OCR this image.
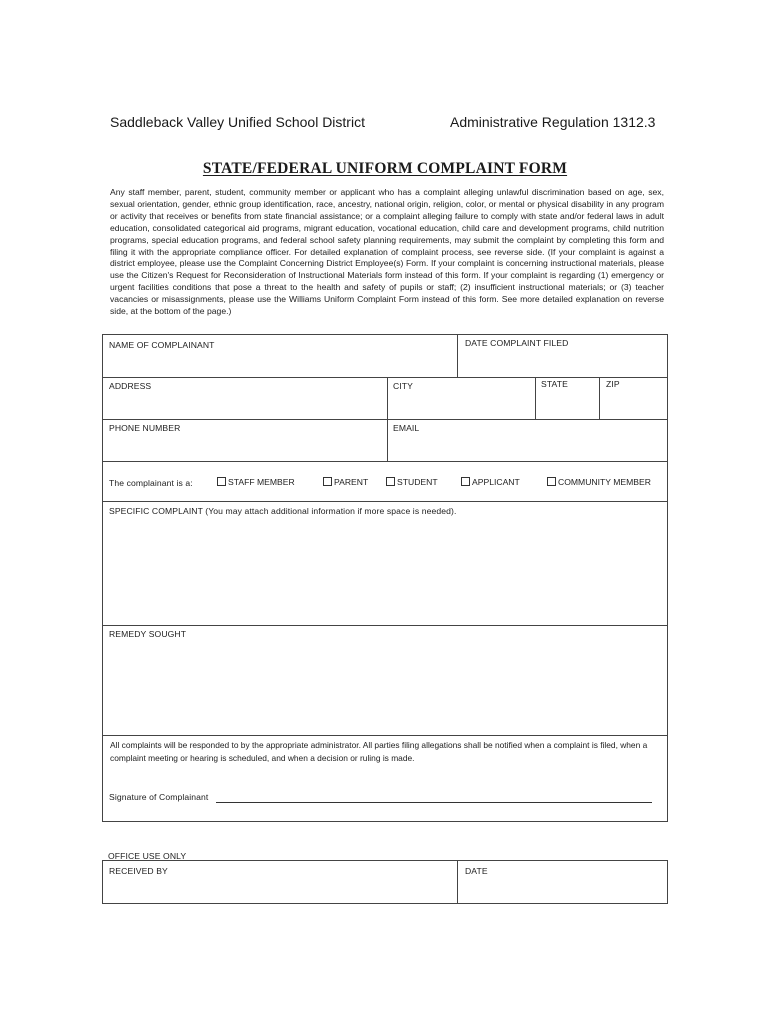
Saddleback Valley Unified School District	Administrative Regulation 1312.3
STATE/FEDERAL UNIFORM COMPLAINT FORM
Any staff member, parent, student, community member or applicant who has a complaint alleging unlawful discrimination based on age, sex, sexual orientation, gender, ethnic group identification, race, ancestry, national origin, religion, color, or mental or physical disability in any program or activity that receives or benefits from state financial assistance; or a complaint alleging failure to comply with state and/or federal laws in adult education, consolidated categorical aid programs, migrant education, vocational education, child care and development programs, child nutrition programs, special education programs, and federal school safety planning requirements, may submit the complaint by completing this form and filing it with the appropriate compliance officer. For detailed explanation of complaint process, see reverse side. (If your complaint is against a district employee, please use the Complaint Concerning District Employee(s) Form. If your complaint is concerning instructional materials, please use the Citizen's Request for Reconsideration of Instructional Materials form instead of this form. If your complaint is regarding (1) emergency or urgent facilities conditions that pose a threat to the health and safety of pupils or staff; (2) insufficient instructional materials; or (3) teacher vacancies or misassignments, please use the Williams Uniform Complaint Form instead of this form. See more detailed explanation on reverse side, at the bottom of the page.)
NAME OF COMPLAINANT	DATE COMPLAINT FILED
ADDRESS	CITY	STATE	ZIP
PHONE NUMBER	EMAIL
The complainant is a:	STAFF MEMBER	PARENT	STUDENT	APPLICANT	COMMUNITY MEMBER
SPECIFIC COMPLAINT (You may attach additional information if more space is needed).
REMEDY SOUGHT
All complaints will be responded to by the appropriate administrator. All parties filing allegations shall be notified when a complaint is filed, when a complaint meeting or hearing is scheduled, and when a decision or ruling is made.
Signature of Complainant
OFFICE USE ONLY
RECEIVED BY	DATE
